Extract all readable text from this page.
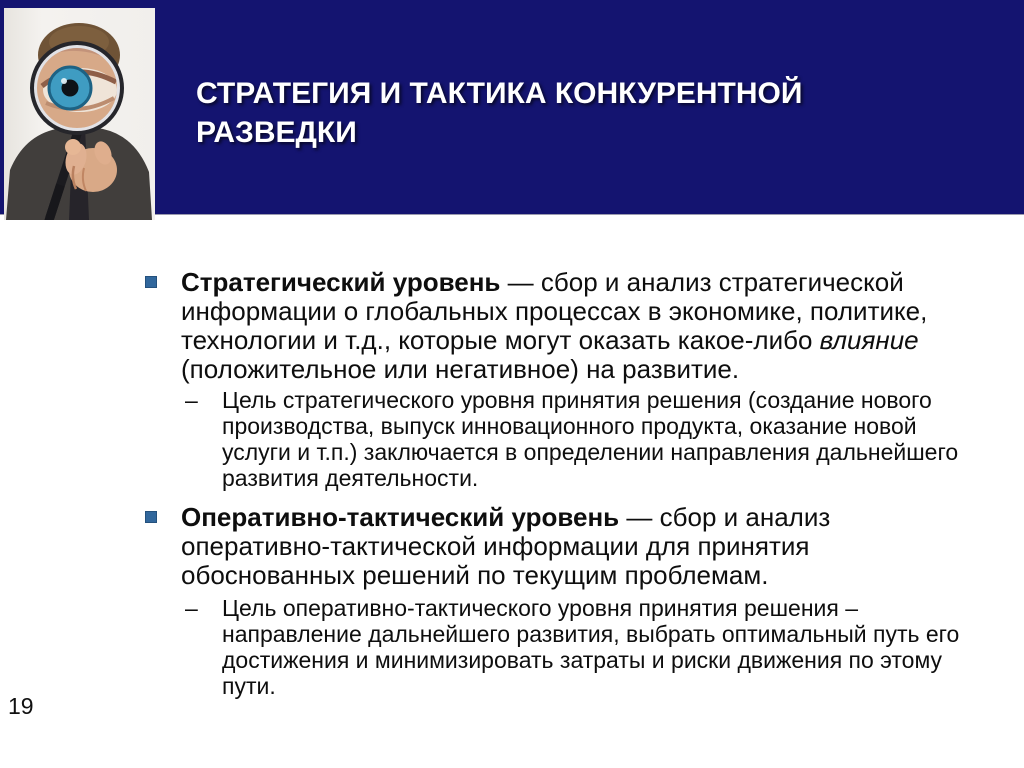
СТРАТЕГИЯ И ТАКТИКА КОНКУРЕНТНОЙ
РАЗВЕДКИ
Стратегический уровень — сбор и анализ стратегической
информации о глобальных процессах в экономике, политике,
технологии и т.д., которые могут оказать какое-либо влияние
(положительное или негативное) на развитие.
– Цель стратегического уровня принятия решения (создание нового
производства, выпуск инновационного продукта, оказание новой
услуги и т.п.) заключается в определении направления дальнейшего
развития деятельности.
Оперативно-тактический уровень — сбор и анализ
оперативно-тактической информации для принятия
обоснованных решений по текущим проблемам.
– Цель оперативно-тактического уровня принятия решения –
направление дальнейшего развития, выбрать оптимальный путь его
достижения и минимизировать затраты и риски движения по этому
пути.
19
